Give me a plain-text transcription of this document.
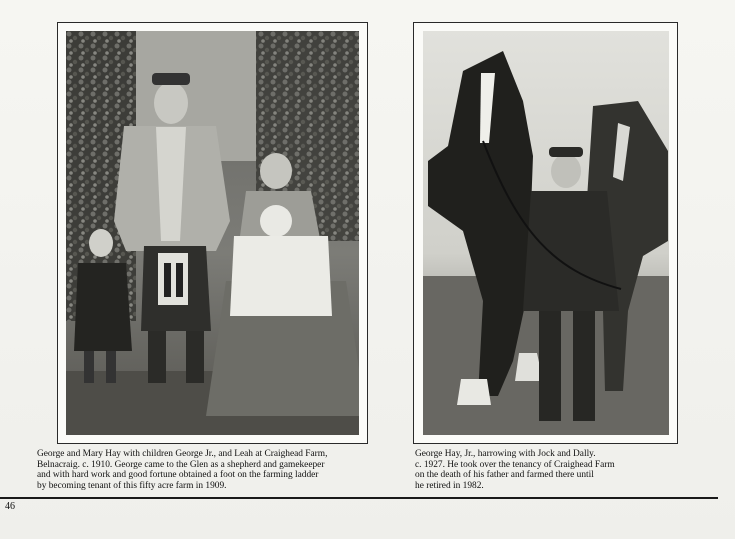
George and Mary Hay with children George Jr., and Leah at Craighead Farm,
Belnacraig. c. 1910. George came to the Glen as a shepherd and gamekeeper
and with hard work and good fortune obtained a foot on the farming ladder
by becoming tenant of this fifty acre farm in 1909.
George Hay, Jr., harrowing with Jock and Dally.
c. 1927. He took over the tenancy of Craighead Farm
on the death of his father and farmed there until
he retired in 1982.
46
